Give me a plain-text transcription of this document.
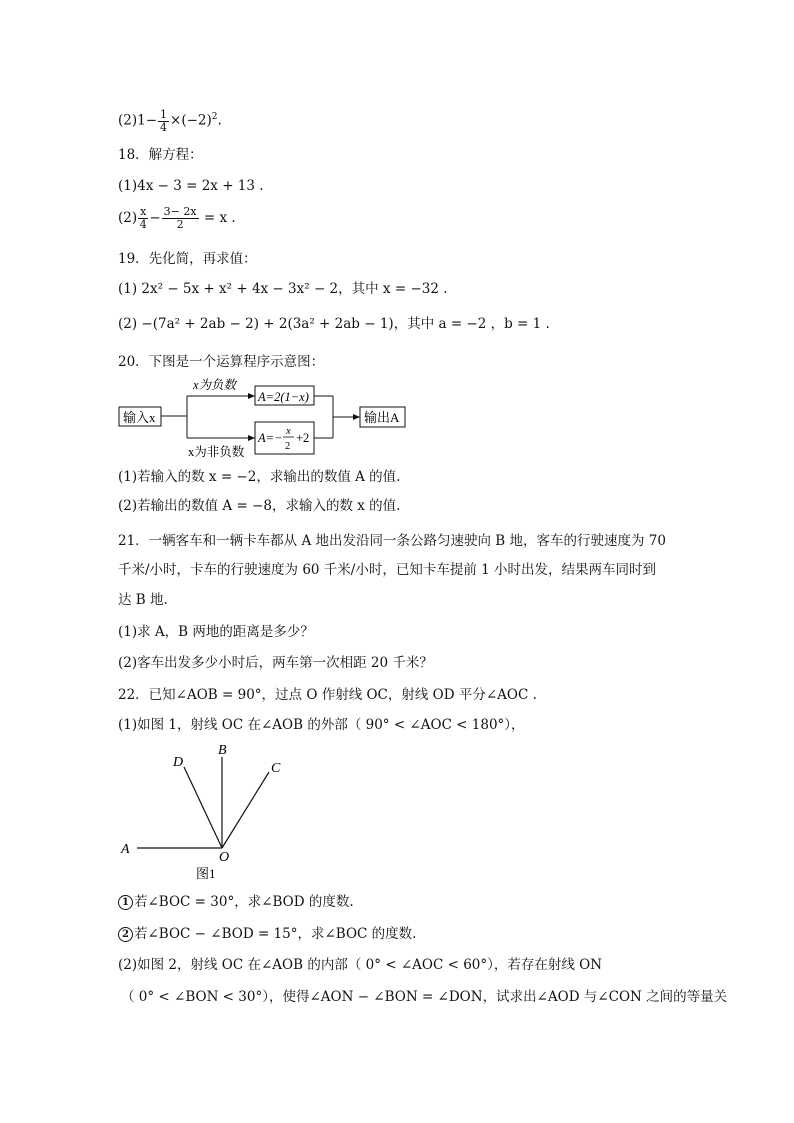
$(2)1- \frac{1}{4} \times(-2)^2$.
18．解方程：
(1)4x − 3 = 2x + 13 .
$(2) \frac{x}{4} - \frac{3- 2x}{2} = x$ .
19．先化简，再求值：
(1) 2x² − 5x + x² + 4x − 3x² − 2，其中 x = −32 .
(2) −(7a² + 2ab − 2) + 2(3a² + 2ab − 1)，其中 a = −2 ，b = 1 .
20．下图是一个运算程序示意图：
输入x
x为负数
x为非负数
A=2(1−x)
A=− x
2
+2
输出A
(1)若输入的数 x = −2，求输出的数值 A 的值.
(2)若输出的数值 A = −8，求输入的数 x 的值.
21．一辆客车和一辆卡车都从 A 地出发沿同一条公路匀速驶向 B 地，客车的行驶速度为 70
千米/小时，卡车的行驶速度为 60 千米/小时，已知卡车提前 1 小时出发，结果两车同时到
达 B 地.
(1)求 A，B 两地的距离是多少？
(2)客车出发多少小时后，两车第一次相距 20 千米？
22．已知∠AOB = 90°，过点 O 作射线 OC，射线 OD 平分∠AOC .
(1)如图 1，射线 OC 在∠AOB 的外部（ 90° < ∠AOC < 180°），
A
B
C
D
O
图1
1 若∠BOC = 30°，求∠BOD 的度数.
2 若∠BOC − ∠BOD = 15°，求∠BOC 的度数.
(2)如图 2，射线 OC 在∠AOB 的内部（ 0° < ∠AOC < 60°），若存在射线 ON
（ 0° < ∠BON < 30°），使得∠AON − ∠BON = ∠DON，试求出∠AOD 与∠CON 之间的等量关
